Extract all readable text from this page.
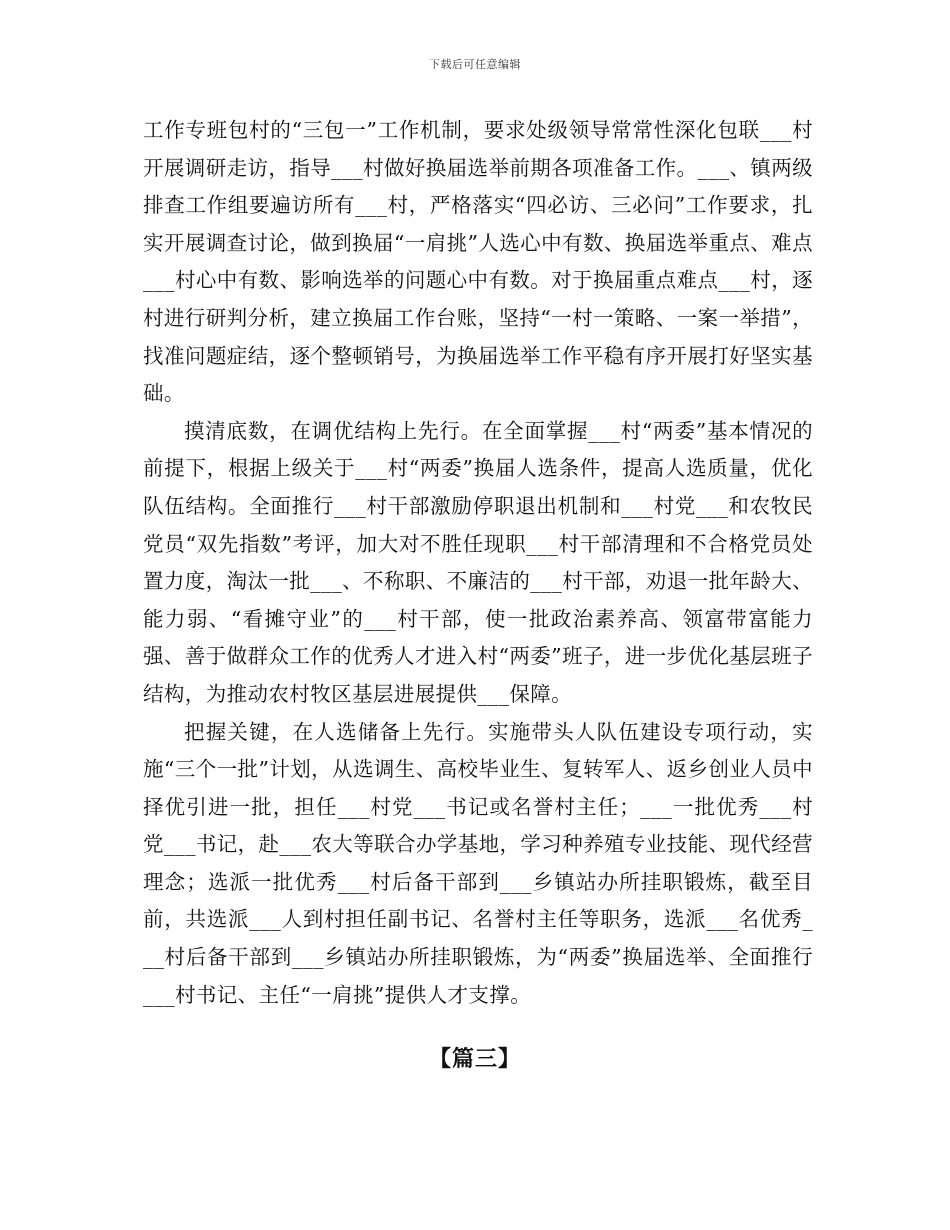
下载后可任意编辑

工作专班包村的“三包一”工作机制，要求处级领导常常性深化包联___村开展调研走访，指导___村做好换届选举前期各项准备工作。___、镇两级排查工作组要遍访所有___村，严格落实“四必访、三必问”工作要求，扎实开展调查讨论，做到换届“一肩挑”人选心中有数、换届选举重点、难点___村心中有数、影响选举的问题心中有数。对于换届重点难点___村，逐村进行研判分析，建立换届工作台账，坚持“一村一策略、一案一举措”，找准问题症结，逐个整顿销号，为换届选举工作平稳有序开展打好坚实基础。

摸清底数，在调优结构上先行。在全面掌握___村“两委”基本情况的前提下，根据上级关于___村“两委”换届人选条件，提高人选质量，优化队伍结构。全面推行___村干部激励停职退出机制和___村党___和农牧民党员“双先指数”考评，加大对不胜任现职___村干部清理和不合格党员处置力度，淘汰一批___、不称职、不廉洁的___村干部，劝退一批年龄大、能力弱、“看摊守业”的___村干部，使一批政治素养高、领富带富能力强、善于做群众工作的优秀人才进入村“两委”班子，进一步优化基层班子结构，为推动农村牧区基层进展提供___保障。

把握关键，在人选储备上先行。实施带头人队伍建设专项行动，实施“三个一批”计划，从选调生、高校毕业生、复转军人、返乡创业人员中择优引进一批，担任___村党___书记或名誉村主任；___一批优秀___村党___书记，赴___农大等联合办学基地，学习种养殖专业技能、现代经营理念；选派一批优秀___村后备干部到___乡镇站办所挂职锻炼，截至目前，共选派___人到村担任副书记、名誉村主任等职务，选派___名优秀___村后备干部到___乡镇站办所挂职锻炼，为“两委”换届选举、全面推行___村书记、主任“一肩挑”提供人才支撑。

【篇三】
